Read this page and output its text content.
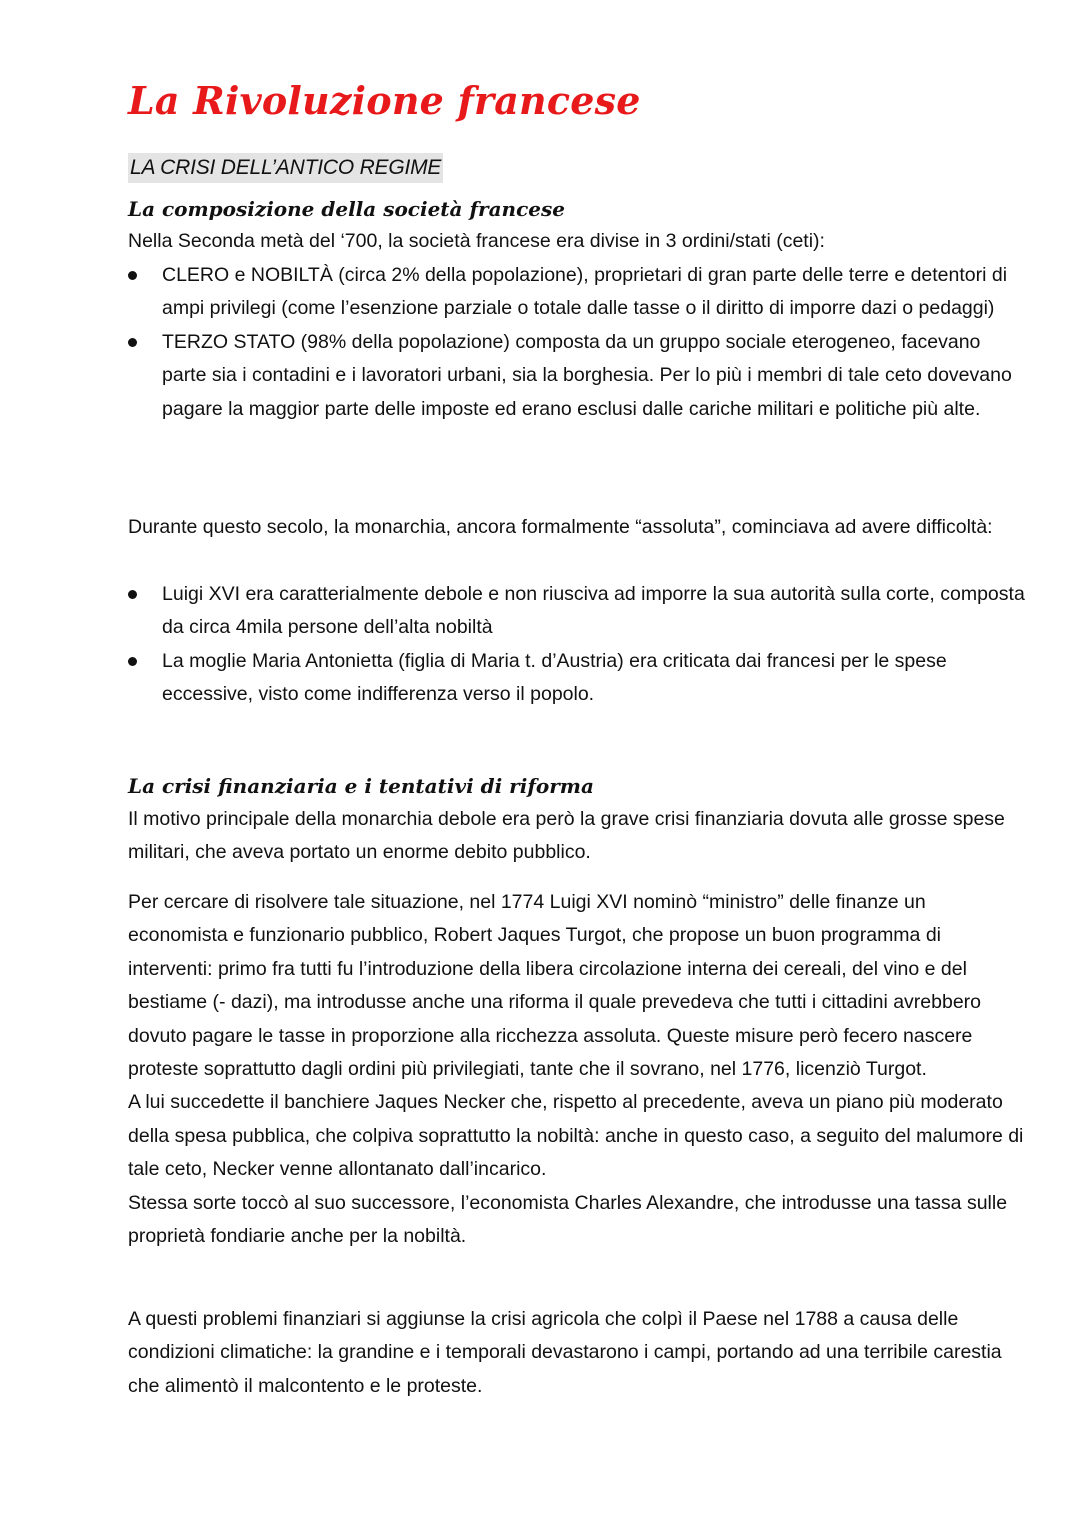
La Rivoluzione francese
LA CRISI DELL’ANTICO REGIME
La composizione della società francese

Nella Seconda metà del ‘700, la società francese era divise in 3 ordini/stati (ceti):

CLERO e NOBILTÀ (circa 2% della popolazione), proprietari di gran parte delle terre e detentori di ampi privilegi (come l’esenzione parziale o totale dalle tasse o il diritto di imporre dazi o pedaggi)
TERZO STATO (98% della popolazione) composta da un gruppo sociale eterogeneo, facevano parte sia i contadini e i lavoratori urbani, sia la borghesia. Per lo più i membri di tale ceto dovevano pagare la maggior parte delle imposte ed erano esclusi dalle cariche militari e politiche più alte.

Durante questo secolo, la monarchia, ancora formalmente “assoluta”, cominciava ad avere difficoltà:

Luigi XVI era caratterialmente debole e non riusciva ad imporre la sua autorità sulla corte, composta da circa 4mila persone dell’alta nobiltà
La moglie Maria Antonietta (figlia di Maria t. d’Austria) era criticata dai francesi per le spese eccessive, visto come indifferenza verso il popolo.
La crisi finanziaria e i tentativi di riforma

Il motivo principale della monarchia debole era però la grave crisi finanziaria dovuta alle grosse spese militari, che aveva portato un enorme debito pubblico.

Per cercare di risolvere tale situazione, nel 1774 Luigi XVI nominò “ministro” delle finanze un economista e funzionario pubblico, Robert Jaques Turgot, che propose un buon programma di interventi: primo fra tutti fu l’introduzione della libera circolazione interna dei cereali, del vino e del bestiame (- dazi), ma introdusse anche una riforma il quale prevedeva che tutti i cittadini avrebbero dovuto pagare le tasse in proporzione alla ricchezza assoluta. Queste misure però fecero nascere proteste soprattutto dagli ordini più privilegiati, tante che il sovrano, nel 1776, licenziò Turgot.
A lui succedette il banchiere Jaques Necker che, rispetto al precedente, aveva un piano più moderato della spesa pubblica, che colpiva soprattutto la nobiltà: anche in questo caso, a seguito del malumore di tale ceto, Necker venne allontanato dall’incarico.
Stessa sorte toccò al suo successore, l’economista Charles Alexandre, che introdusse una tassa sulle proprietà fondiarie anche per la nobiltà.

A questi problemi finanziari si aggiunse la crisi agricola che colpì il Paese nel 1788 a causa delle condizioni climatiche: la grandine e i temporali devastarono i campi, portando ad una terribile carestia che alimentò il malcontento e le proteste.
